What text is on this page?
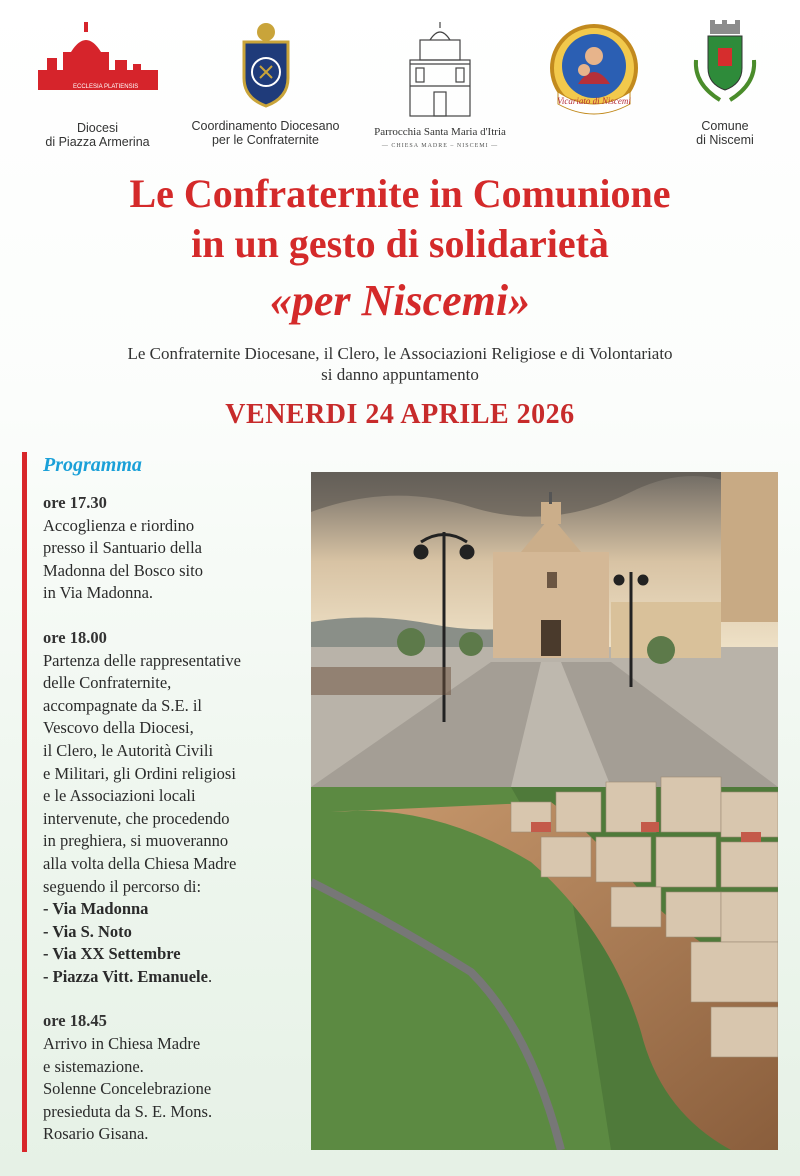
ECCLESIA PLATIENSIS
Diocesi
di Piazza Armerina
Coordinamento Diocesano
per le Confraternite
Parrocchia Santa Maria d'Itria
— CHIESA MADRE – NISCEMI —
Vicariato di Niscemi
Comune
di Niscemi
Le Confraternite in Comunione
in un gesto di solidarietà
«per Niscemi»
Le Confraternite Diocesane, il Clero, le Associazioni Religiose e di Volontariato
si danno appuntamento
VENERDI 24 APRILE 2026
Programma
ore 17.30
Accoglienza e riordino
presso il Santuario della
Madonna del Bosco sito
in Via Madonna.
ore 18.00
Partenza delle rappresentative
delle Confraternite,
accompagnate da S.E. il
Vescovo della Diocesi,
il Clero, le Autorità Civili
e Militari, gli Ordini religiosi
e le Associazioni locali
intervenute, che procedendo
in preghiera, si muoveranno
alla volta della Chiesa Madre
seguendo il percorso di:
- Via Madonna
- Via S. Noto
- Via XX Settembre
- Piazza Vitt. Emanuele.
ore 18.45
Arrivo in Chiesa Madre
e sistemazione.
Solenne Concelebrazione
presieduta da S. E. Mons.
Rosario Gisana.
